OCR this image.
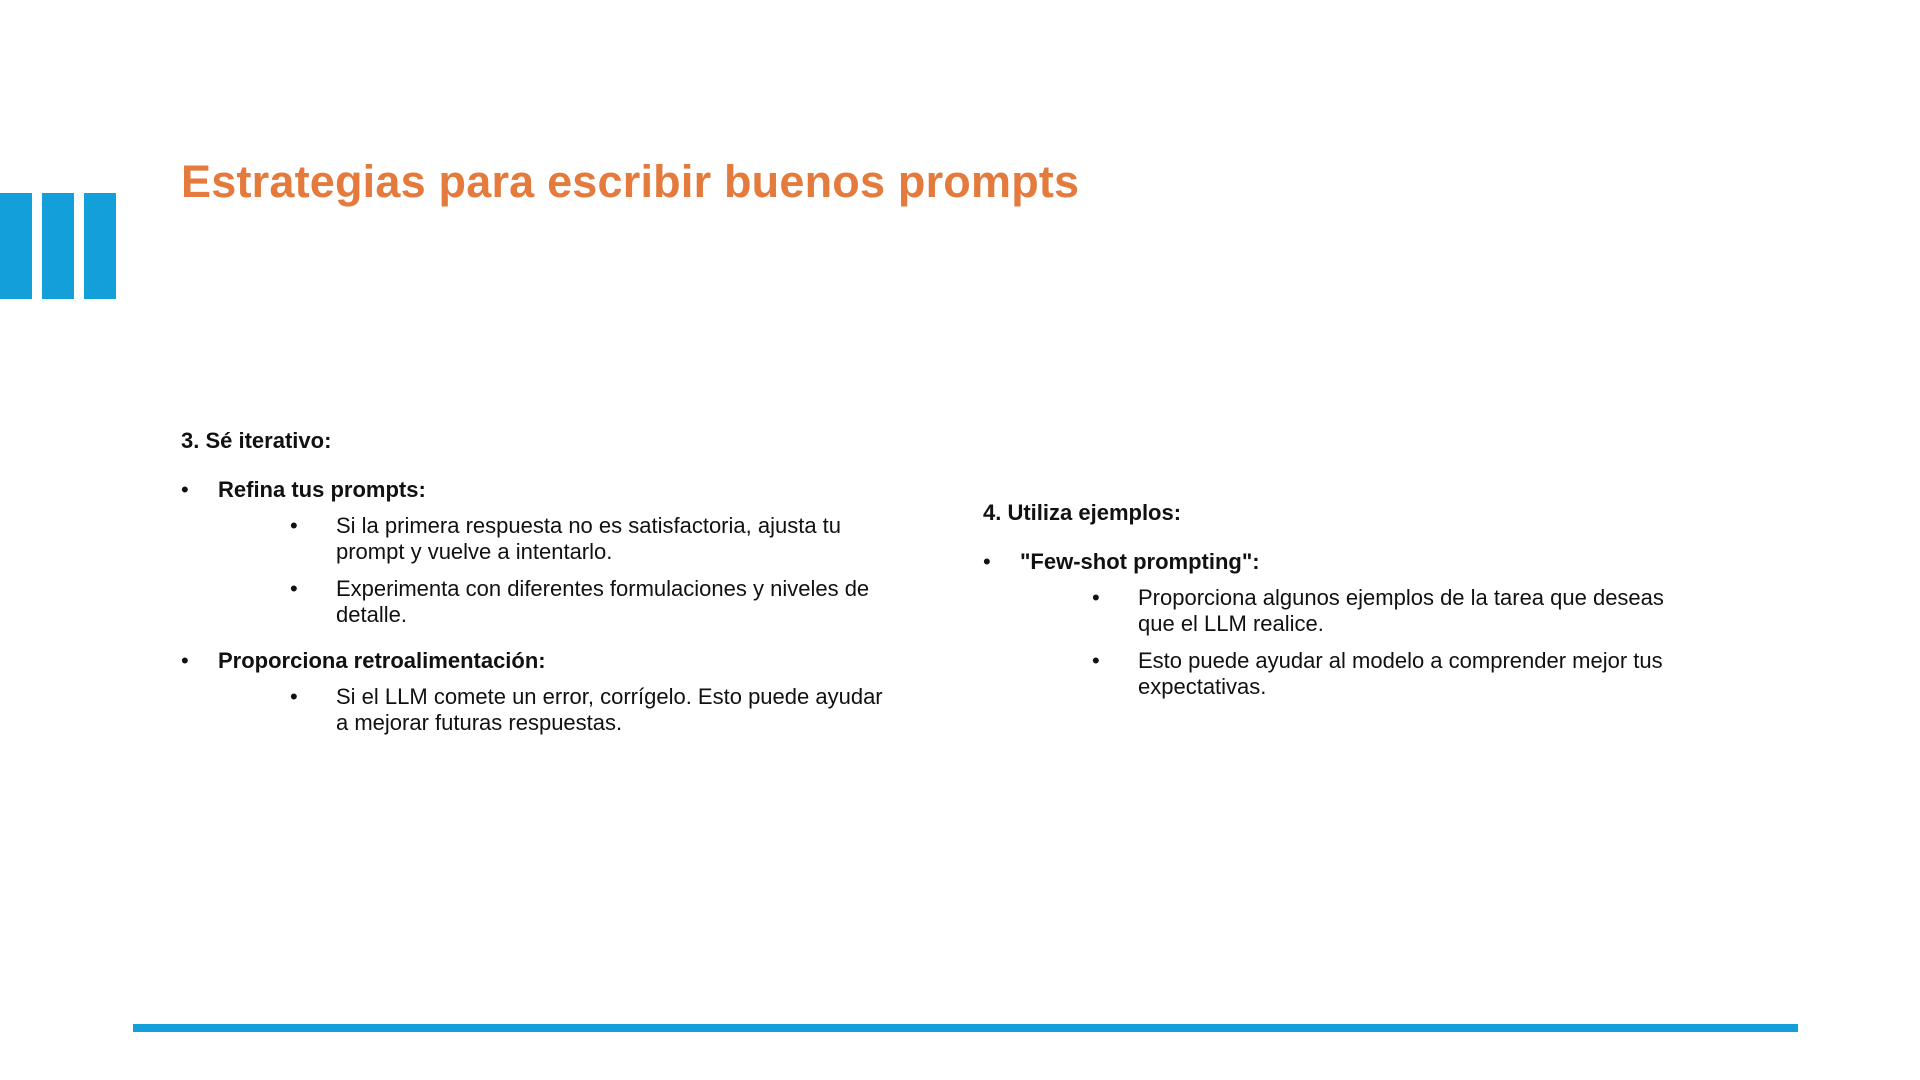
Estrategias para escribir buenos prompts
3. Sé iterativo:
• Refina tus prompts:
• Si la primera respuesta no es satisfactoria, ajusta tu prompt y vuelve a intentarlo.
• Experimenta con diferentes formulaciones y niveles de detalle.
• Proporciona retroalimentación:
• Si el LLM comete un error, corrígelo. Esto puede ayudar a mejorar futuras respuestas.
4. Utiliza ejemplos:
• "Few-shot prompting":
• Proporciona algunos ejemplos de la tarea que deseas que el LLM realice.
• Esto puede ayudar al modelo a comprender mejor tus expectativas.
